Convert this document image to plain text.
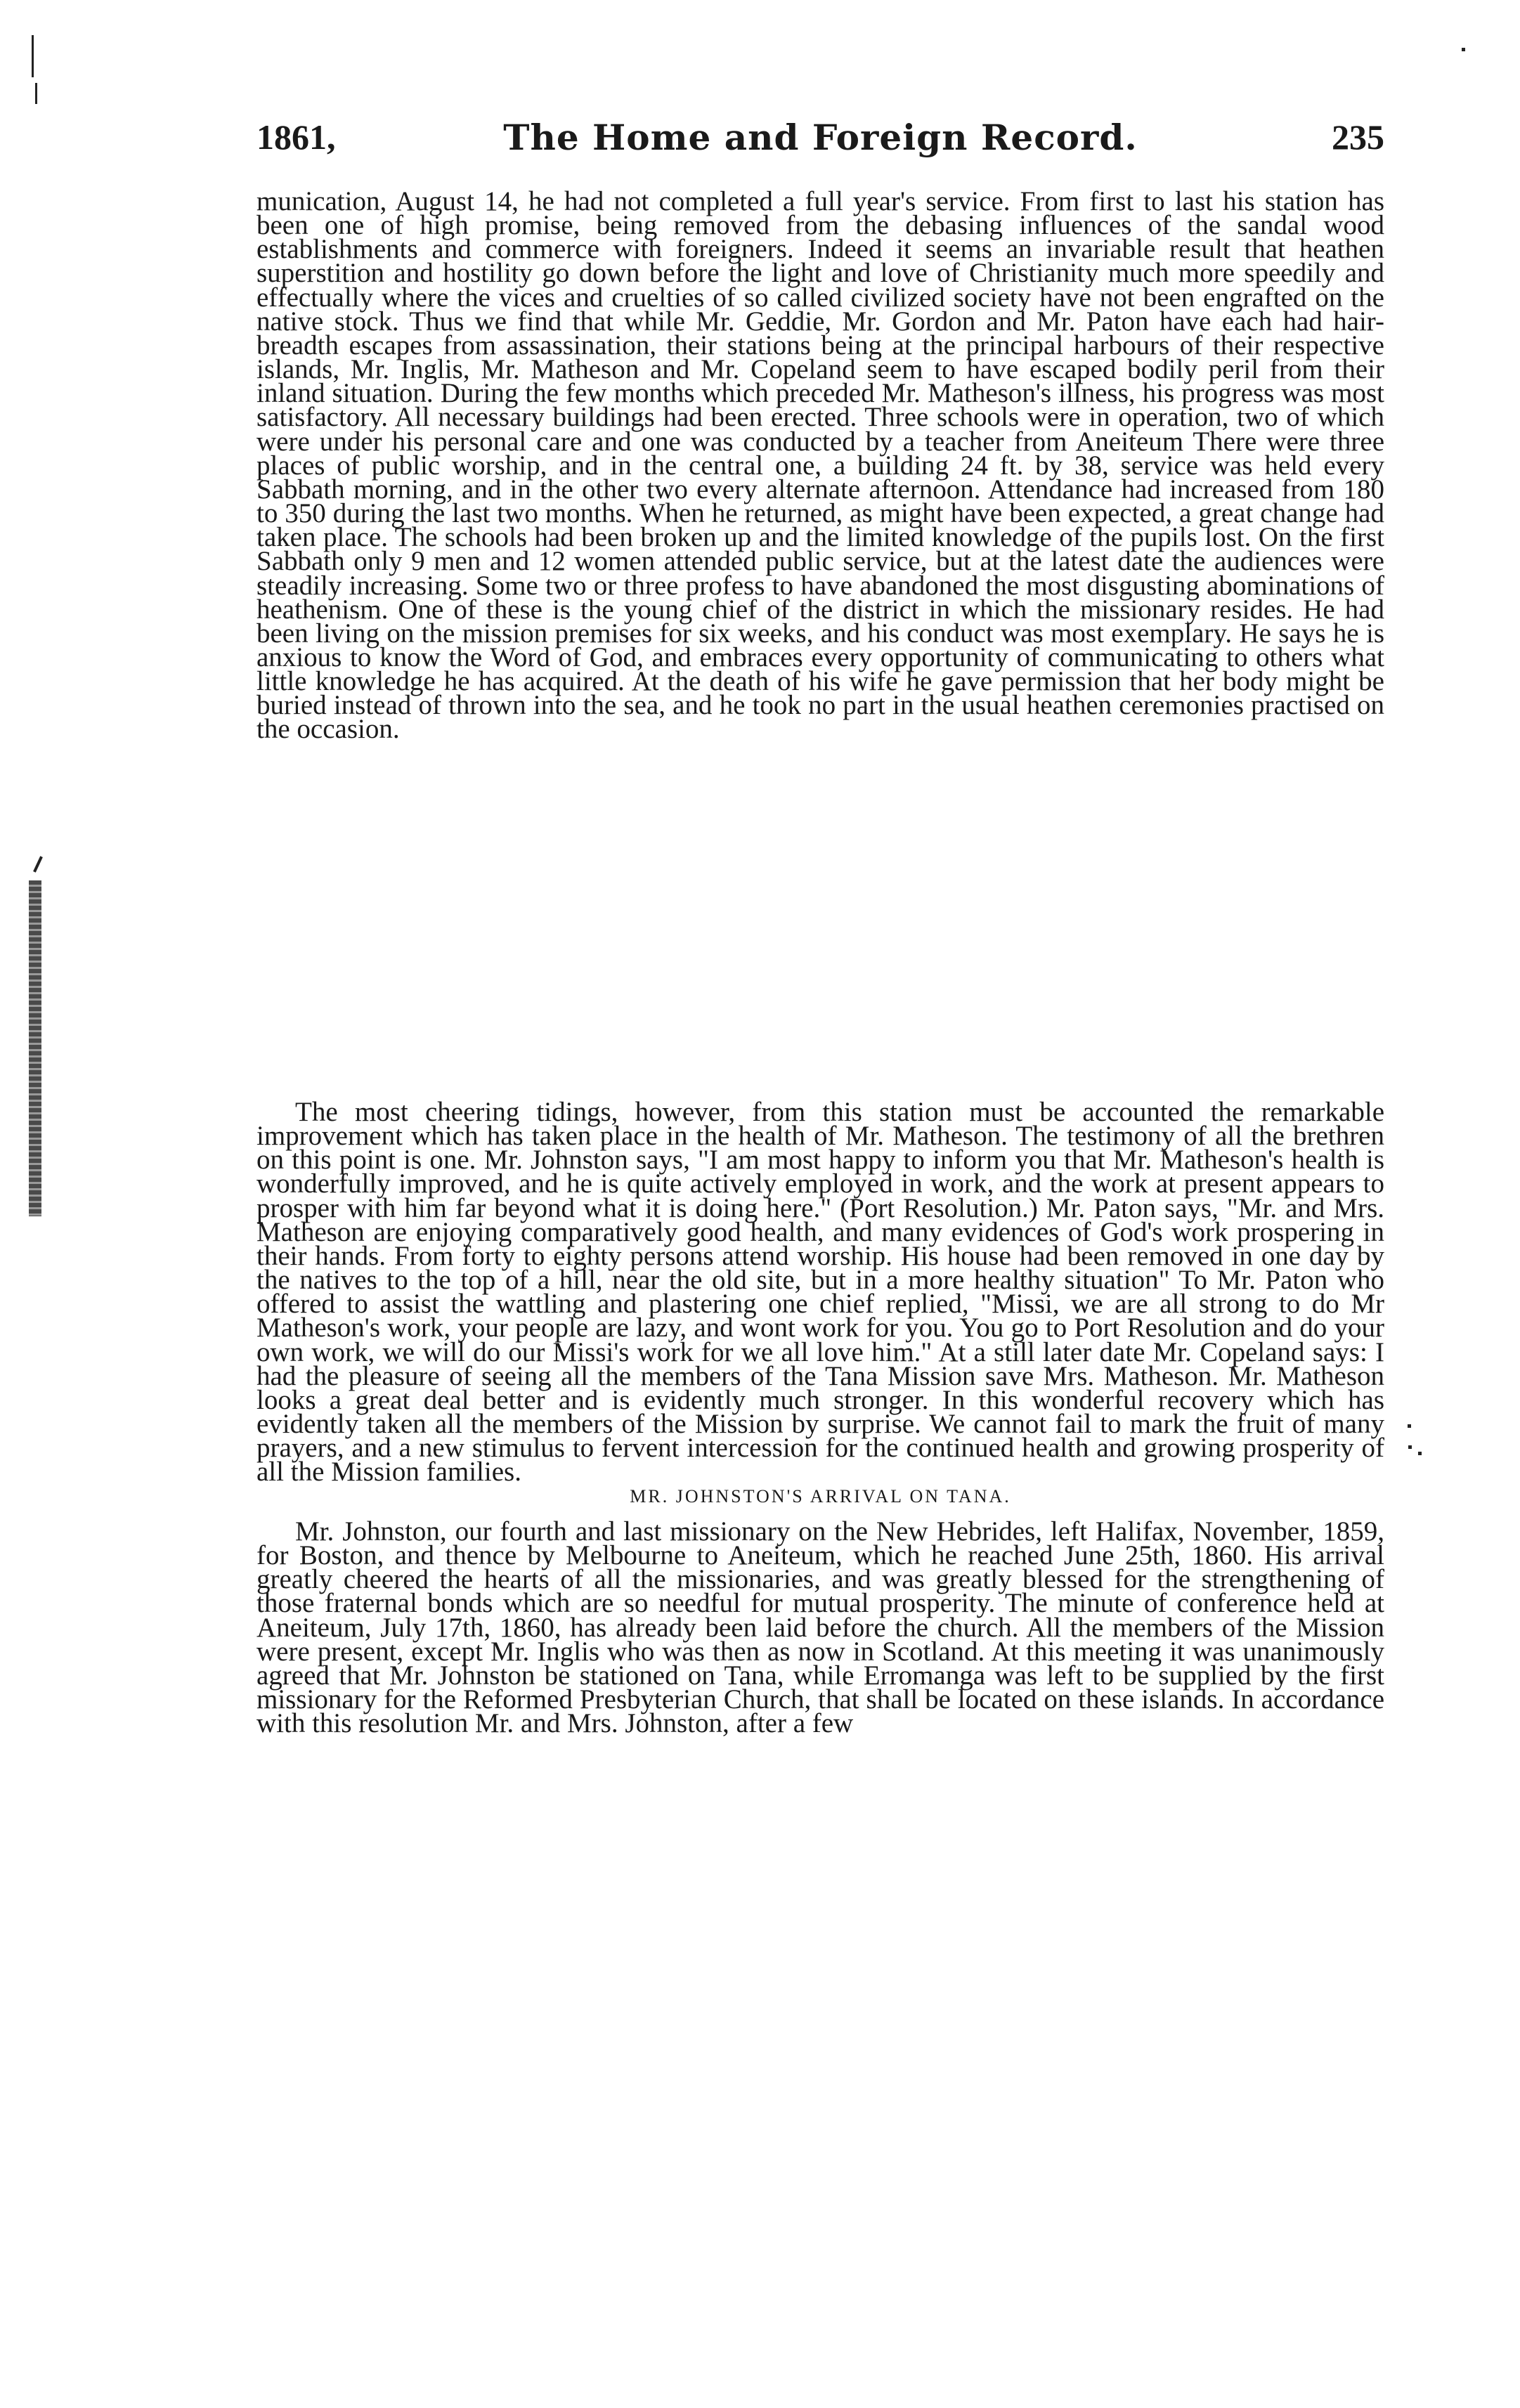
1861,	The Home and Foreign Record.	235

munication, August 14, he had not completed a full year's service. From first to last his station has been one of high promise, being removed from the debasing influences of the sandal wood establishments and commerce with foreigners. Indeed it seems an invariable result that heathen superstition and hostility go down before the light and love of Christianity much more speedily and effectually where the vices and cruelties of so called civilized society have not been engrafted on the native stock. Thus we find that while Mr. Geddie, Mr. Gordon and Mr. Paton have each had hair-breadth escapes from assassination, their stations being at the principal harbours of their respective islands, Mr. Inglis, Mr. Matheson and Mr. Copeland seem to have escaped bodily peril from their inland situation. During the few months which preceded Mr. Matheson's illness, his progress was most satisfactory. All necessary buildings had been erected. Three schools were in operation, two of which were under his personal care and one was conducted by a teacher from Aneiteum There were three places of public worship, and in the central one, a building 24 ft. by 38, service was held every Sabbath morning, and in the other two every alternate afternoon. Attendance had increased from 180 to 350 during the last two months. When he returned, as might have been expected, a great change had taken place. The schools had been broken up and the limited knowledge of the pupils lost. On the first Sabbath only 9 men and 12 women attended public service, but at the latest date the audiences were steadily increasing. Some two or three profess to have abandoned the most disgusting abominations of heathenism. One of these is the young chief of the district in which the missionary resides. He had been living on the mission premises for six weeks, and his conduct was most exemplary. He says he is anxious to know the Word of God, and embraces every opportunity of communicating to others what little knowledge he has acquired. At the death of his wife he gave permission that her body might be buried instead of thrown into the sea, and he took no part in the usual heathen ceremonies practised on the occasion.

The most cheering tidings, however, from this station must be accounted the remarkable improvement which has taken place in the health of Mr. Matheson. The testimony of all the brethren on this point is one. Mr. Johnston says, "I am most happy to inform you that Mr. Matheson's health is wonderfully improved, and he is quite actively employed in work, and the work at present appears to prosper with him far beyond what it is doing here." (Port Resolution.) Mr. Paton says, "Mr. and Mrs. Matheson are enjoying comparatively good health, and many evidences of God's work prospering in their hands. From forty to eighty persons attend worship. His house had been removed in one day by the natives to the top of a hill, near the old site, but in a more healthy situation" To Mr. Paton who offered to assist the wattling and plastering one chief replied, "Missi, we are all strong to do Mr Matheson's work, your people are lazy, and wont work for you. You go to Port Resolution and do your own work, we will do our Missi's work for we all love him." At a still later date Mr. Copeland says: I had the pleasure of seeing all the members of the Tana Mission save Mrs. Matheson. Mr. Matheson looks a great deal better and is evidently much stronger. In this wonderful recovery which has evidently taken all the members of the Mission by surprise. We cannot fail to mark the fruit of many prayers, and a new stimulus to fervent intercession for the continued health and growing prosperity of all the Mission families.

MR. JOHNSTON'S ARRIVAL ON TANA.

Mr. Johnston, our fourth and last missionary on the New Hebrides, left Halifax, November, 1859, for Boston, and thence by Melbourne to Aneiteum, which he reached June 25th, 1860. His arrival greatly cheered the hearts of all the missionaries, and was greatly blessed for the strengthening of those fraternal bonds which are so needful for mutual prosperity. The minute of conference held at Aneiteum, July 17th, 1860, has already been laid before the church. All the members of the Mission were present, except Mr. Inglis who was then as now in Scotland. At this meeting it was unanimously agreed that Mr. Johnston be stationed on Tana, while Erromanga was left to be supplied by the first missionary for the Reformed Presbyterian Church, that shall be located on these islands. In accordance with this resolution Mr. and Mrs. Johnston, after a few
